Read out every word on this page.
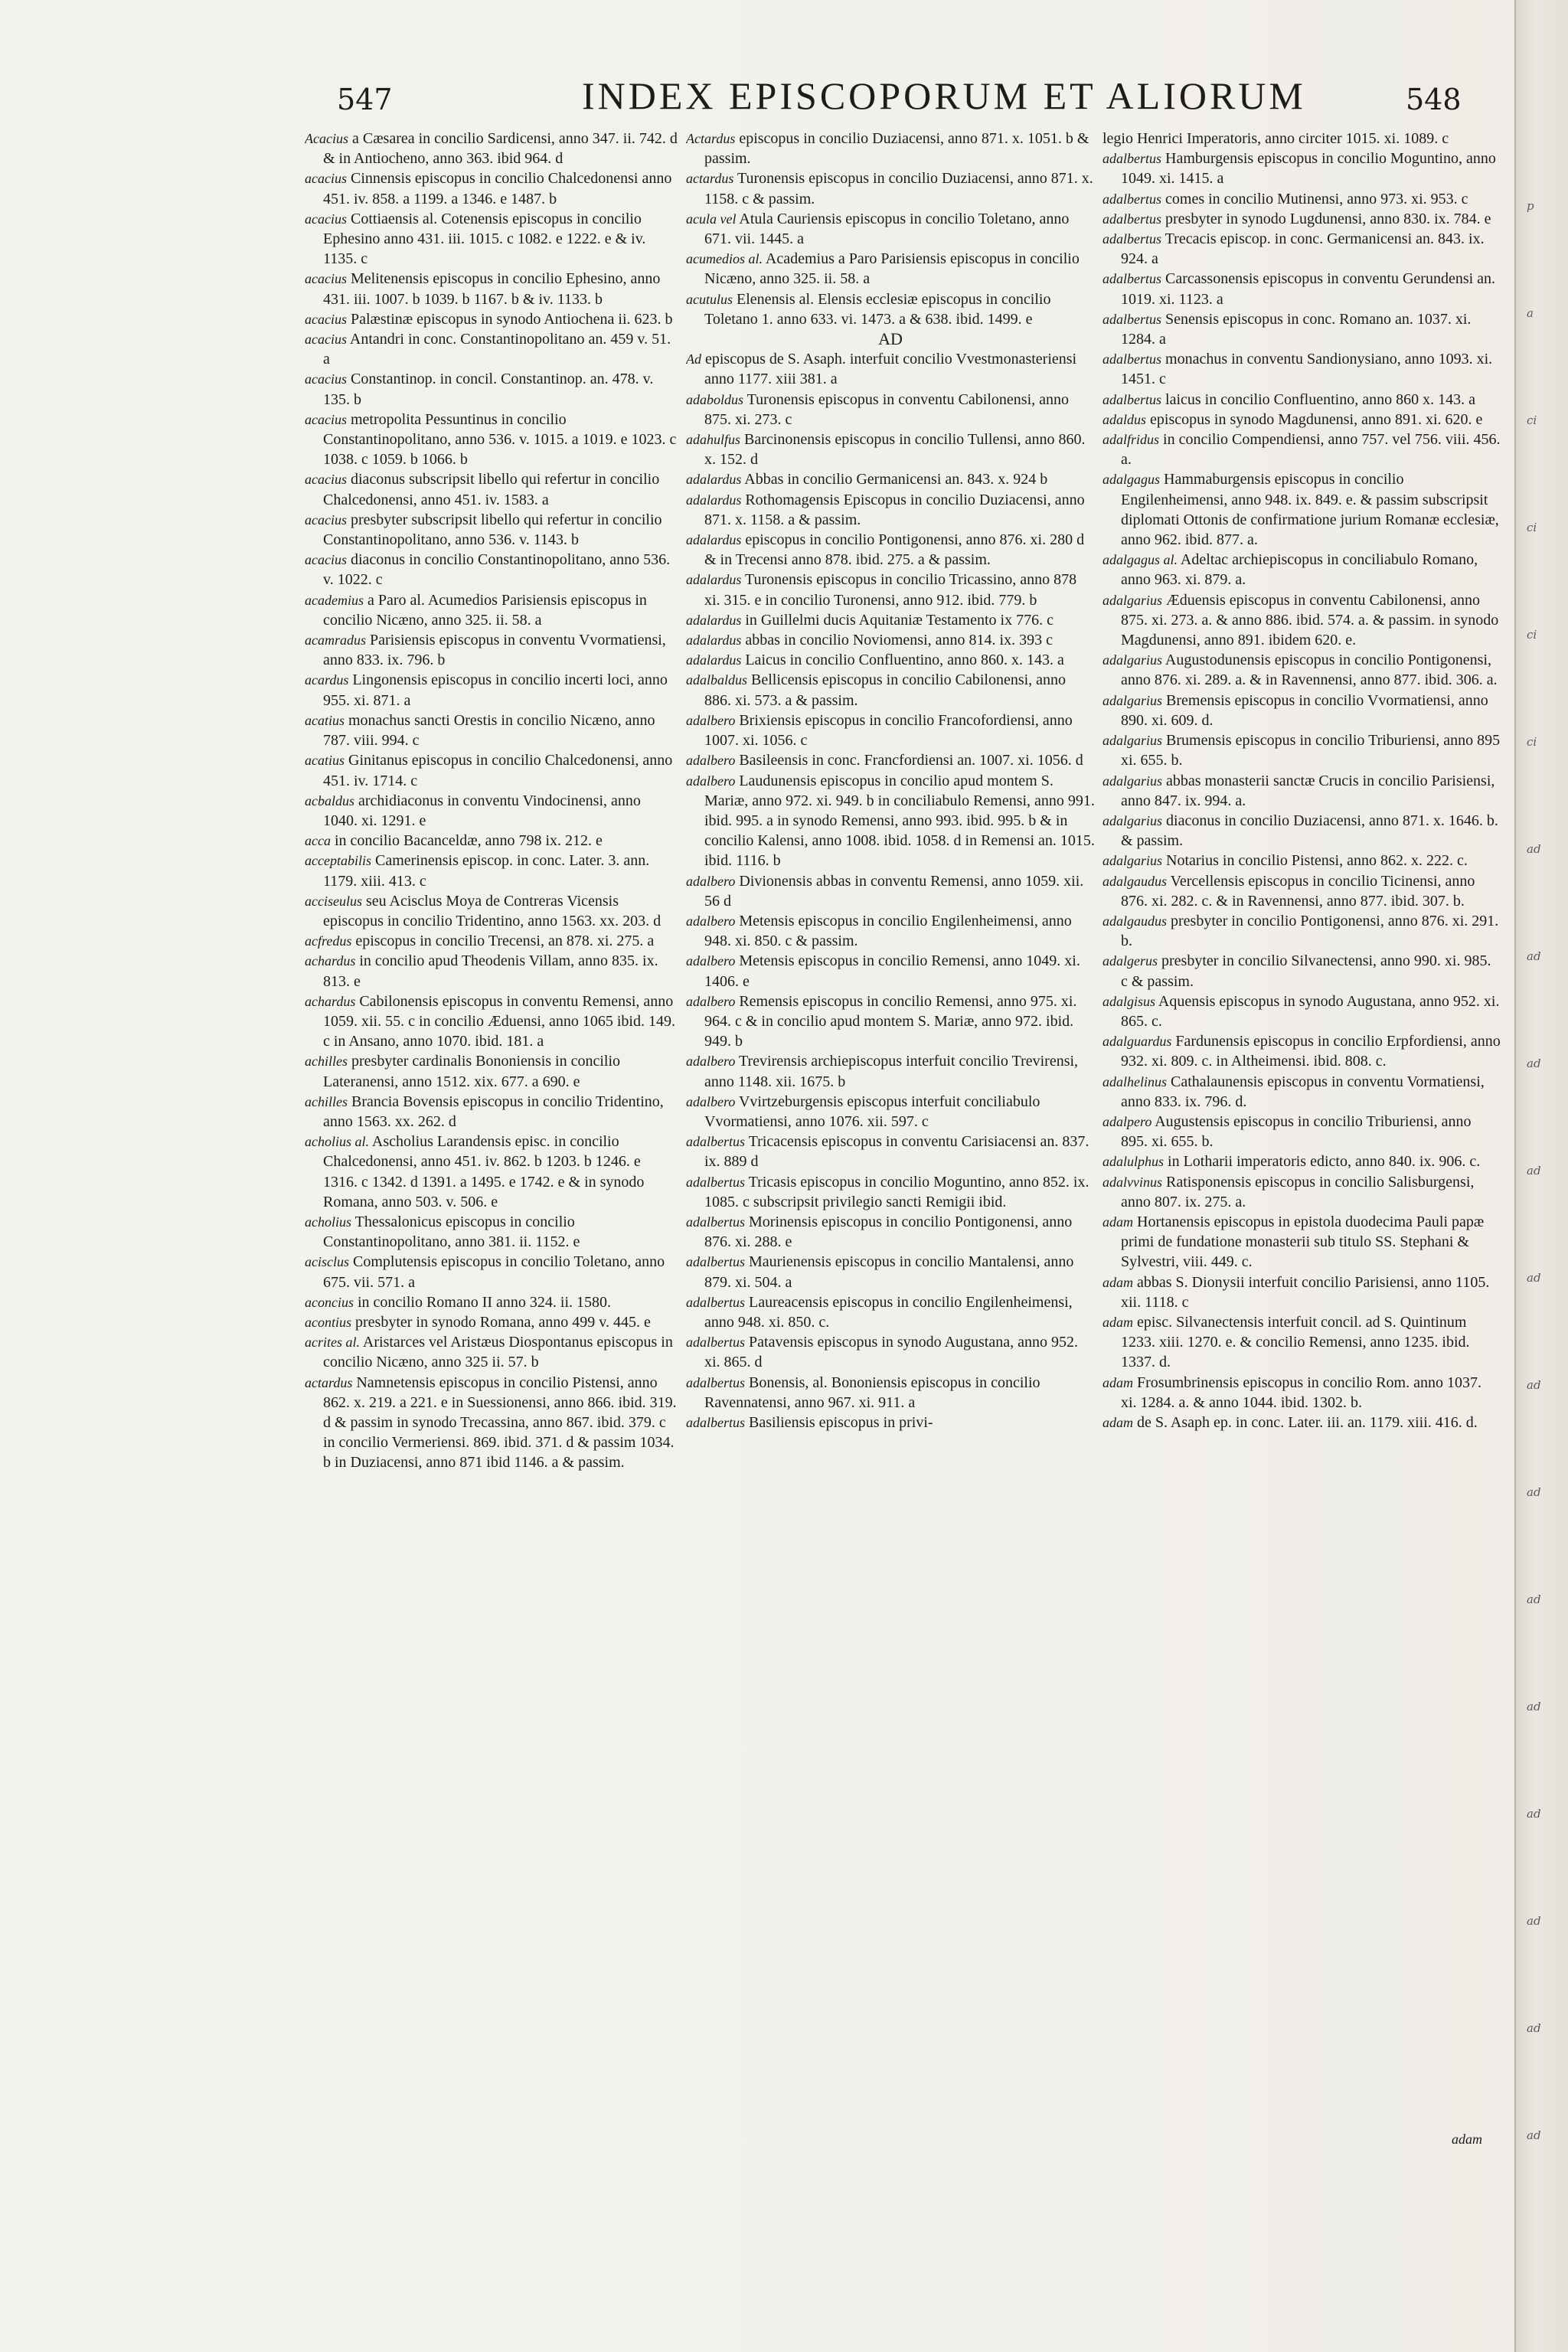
547	INDEX EPISCOPORUM ET ALIORUM	548

Acacius a Cæsarea in concilio Sardicensi, anno 347. ii. 742. d & in Antiocheno, anno 363. ibid 964. d

acacius Cinnensis episcopus in concilio Chalcedonensi anno 451. iv. 858. a 1199. a 1346. e 1487. b

acacius Cottiaensis al. Cotenensis episcopus in concilio Ephesino anno 431. iii. 1015. c 1082. e 1222. e & iv. 1135. c

acacius Melitenensis episcopus in concilio Ephesino, anno 431. iii. 1007. b 1039. b 1167. b & iv. 1133. b

acacius Palæstinæ episcopus in synodo Antiochena ii. 623. b

acacius Antandri in conc. Constantinopolitano an. 459 v. 51. a

acacius Constantinop. in concil. Constantinop. an. 478. v. 135. b

acacius metropolita Pessuntinus in concilio Constantinopolitano, anno 536. v. 1015. a 1019. e 1023. c 1038. c 1059. b 1066. b

acacius diaconus subscripsit libello qui refertur in concilio Chalcedonensi, anno 451. iv. 1583. a

acacius presbyter subscripsit libello qui refertur in concilio Constantinopolitano, anno 536. v. 1143. b

acacius diaconus in concilio Constantinopolitano, anno 536. v. 1022. c

academius a Paro al. Acumedios Parisiensis episcopus in concilio Nicæno, anno 325. ii. 58. a

acamradus Parisiensis episcopus in conventu Vvormatiensi, anno 833. ix. 796. b

acardus Lingonensis episcopus in concilio incerti loci, anno 955. xi. 871. a

acatius monachus sancti Orestis in concilio Nicæno, anno 787. viii. 994. c

acatius Ginitanus episcopus in concilio Chalcedonensi, anno 451. iv. 1714. c

acbaldus archidiaconus in conventu Vindocinensi, anno 1040. xi. 1291. e

acca in concilio Bacanceldæ, anno 798 ix. 212. e

acceptabilis Camerinensis episcop. in conc. Later. 3. ann. 1179. xiii. 413. c

acciseulus seu Acisclus Moya de Contreras Vicensis episcopus in concilio Tridentino, anno 1563. xx. 203. d

acfredus episcopus in concilio Trecensi, an 878. xi. 275. a

achardus in concilio apud Theodenis Villam, anno 835. ix. 813. e

achardus Cabilonensis episcopus in conventu Remensi, anno 1059. xii. 55. c in concilio Æduensi, anno 1065 ibid. 149. c in Ansano, anno 1070. ibid. 181. a

achilles presbyter cardinalis Bononiensis in concilio Lateranensi, anno 1512. xix. 677. a 690. e

achilles Brancia Bovensis episcopus in concilio Tridentino, anno 1563. xx. 262. d

acholius al. Ascholius Larandensis episc. in concilio Chalcedonensi, anno 451. iv. 862. b 1203. b 1246. e 1316. c 1342. d 1391. a 1495. e 1742. e & in synodo Romana, anno 503. v. 506. e

acholius Thessalonicus episcopus in concilio Constantinopolitano, anno 381. ii. 1152. e

acisclus Complutensis episcopus in concilio Toletano, anno 675. vii. 571. a

aconcius in concilio Romano II anno 324. ii. 1580.

acontius presbyter in synodo Romana, anno 499 v. 445. e

acrites al. Aristarces vel Aristæus Diospontanus episcopus in concilio Nicæno, anno 325 ii. 57. b

actardus Namnetensis episcopus in concilio Pistensi, anno 862. x. 219. a 221. e in Suessionensi, anno 866. ibid. 319. d & passim in synodo Trecassina, anno 867. ibid. 379. c in concilio Vermeriensi. 869. ibid. 371. d & passim 1034. b in Duziacensi, anno 871 ibid 1146. a & passim.

Actardus episcopus in concilio Duziacensi, anno 871. x. 1051. b & passim.

actardus Turonensis episcopus in concilio Duziacensi, anno 871. x. 1158. c & passim.

acula vel Atula Cauriensis episcopus in concilio Toletano, anno 671. vii. 1445. a

acumedios al. Academius a Paro Parisiensis episcopus in concilio Nicæno, anno 325. ii. 58. a

acutulus Elenensis al. Elensis ecclesiæ episcopus in concilio Toletano 1. anno 633. vi. 1473. a & 638. ibid. 1499. e

AD

Ad episcopus de S. Asaph. interfuit concilio Vvestmonasteriensi anno 1177. xiii 381. a

adaboldus Turonensis episcopus in conventu Cabilonensi, anno 875. xi. 273. c

adahulfus Barcinonensis episcopus in concilio Tullensi, anno 860. x. 152. d

adalardus Abbas in concilio Germanicensi an. 843. x. 924 b

adalardus Rothomagensis Episcopus in concilio Duziacensi, anno 871. x. 1158. a & passim.

adalardus episcopus in concilio Pontigonensi, anno 876. xi. 280 d & in Trecensi anno 878. ibid. 275. a & passim.

adalardus Turonensis episcopus in concilio Tricassino, anno 878 xi. 315. e in concilio Turonensi, anno 912. ibid. 779. b

adalardus in Guillelmi ducis Aquitaniæ Testamento ix 776. c

adalardus abbas in concilio Noviomensi, anno 814. ix. 393 c

adalardus Laicus in concilio Confluentino, anno 860. x. 143. a

adalbaldus Bellicensis episcopus in concilio Cabilonensi, anno 886. xi. 573. a & passim.

adalbero Brixiensis episcopus in concilio Francofordiensi, anno 1007. xi. 1056. c

adalbero Basileensis in conc. Francfordiensi an. 1007. xi. 1056. d

adalbero Laudunensis episcopus in concilio apud montem S. Mariæ, anno 972. xi. 949. b in conciliabulo Remensi, anno 991. ibid. 995. a in synodo Remensi, anno 993. ibid. 995. b & in concilio Kalensi, anno 1008. ibid. 1058. d in Remensi an. 1015. ibid. 1116. b

adalbero Divionensis abbas in conventu Remensi, anno 1059. xii. 56 d

adalbero Metensis episcopus in concilio Engilenheimensi, anno 948. xi. 850. c & passim.

adalbero Metensis episcopus in concilio Remensi, anno 1049. xi. 1406. e

adalbero Remensis episcopus in concilio Remensi, anno 975. xi. 964. c & in concilio apud montem S. Mariæ, anno 972. ibid. 949. b

adalbero Trevirensis archiepiscopus interfuit concilio Trevirensi, anno 1148. xii. 1675. b

adalbero Vvirtzeburgensis episcopus interfuit conciliabulo Vvormatiensi, anno 1076. xii. 597. c

adalbertus Tricacensis episcopus in conventu Carisiacensi an. 837. ix. 889 d

adalbertus Tricasis episcopus in concilio Moguntino, anno 852. ix. 1085. c subscripsit privilegio sancti Remigii ibid.

adalbertus Morinensis episcopus in concilio Pontigonensi, anno 876. xi. 288. e

adalbertus Maurienensis episcopus in concilio Mantalensi, anno 879. xi. 504. a

adalbertus Laureacensis episcopus in concilio Engilenheimensi, anno 948. xi. 850. c.

adalbertus Patavensis episcopus in synodo Augustana, anno 952. xi. 865. d

adalbertus Bonensis, al. Bononiensis episcopus in concilio Ravennatensi, anno 967. xi. 911. a

adalbertus Basiliensis episcopus in privi-

legio Henrici Imperatoris, anno circiter 1015. xi. 1089. c

adalbertus Hamburgensis episcopus in concilio Moguntino, anno 1049. xi. 1415. a

adalbertus comes in concilio Mutinensi, anno 973. xi. 953. c

adalbertus presbyter in synodo Lugdunensi, anno 830. ix. 784. e

adalbertus Trecacis episcop. in conc. Germanicensi an. 843. ix. 924. a

adalbertus Carcassonensis episcopus in conventu Gerundensi an. 1019. xi. 1123. a

adalbertus Senensis episcopus in conc. Romano an. 1037. xi. 1284. a

adalbertus monachus in conventu Sandionysiano, anno 1093. xi. 1451. c

adalbertus laicus in concilio Confluentino, anno 860 x. 143. a

adaldus episcopus in synodo Magdunensi, anno 891. xi. 620. e

adalfridus in concilio Compendiensi, anno 757. vel 756. viii. 456. a.

adalgagus Hammaburgensis episcopus in concilio Engilenheimensi, anno 948. ix. 849. e. & passim subscripsit diplomati Ottonis de confirmatione jurium Romanæ ecclesiæ, anno 962. ibid. 877. a.

adalgagus al. Adeltac archiepiscopus in conciliabulo Romano, anno 963. xi. 879. a.

adalgarius Æduensis episcopus in conventu Cabilonensi, anno 875. xi. 273. a. & anno 886. ibid. 574. a. & passim. in synodo Magdunensi, anno 891. ibidem 620. e.

adalgarius Augustodunensis episcopus in concilio Pontigonensi, anno 876. xi. 289. a. & in Ravennensi, anno 877. ibid. 306. a.

adalgarius Bremensis episcopus in concilio Vvormatiensi, anno 890. xi. 609. d.

adalgarius Brumensis episcopus in concilio Triburiensi, anno 895 xi. 655. b.

adalgarius abbas monasterii sanctæ Crucis in concilio Parisiensi, anno 847. ix. 994. a.

adalgarius diaconus in concilio Duziacensi, anno 871. x. 1646. b. & passim.

adalgarius Notarius in concilio Pistensi, anno 862. x. 222. c.

adalgaudus Vercellensis episcopus in concilio Ticinensi, anno 876. xi. 282. c. & in Ravennensi, anno 877. ibid. 307. b.

adalgaudus presbyter in concilio Pontigonensi, anno 876. xi. 291. b.

adalgerus presbyter in concilio Silvanectensi, anno 990. xi. 985. c & passim.

adalgisus Aquensis episcopus in synodo Augustana, anno 952. xi. 865. c.

adalguardus Fardunensis episcopus in concilio Erpfordiensi, anno 932. xi. 809. c. in Altheimensi. ibid. 808. c.

adalhelinus Cathalaunensis episcopus in conventu Vormatiensi, anno 833. ix. 796. d.

adalpero Augustensis episcopus in concilio Triburiensi, anno 895. xi. 655. b.

adalulphus in Lotharii imperatoris edicto, anno 840. ix. 906. c.

adalvvinus Ratisponensis episcopus in concilio Salisburgensi, anno 807. ix. 275. a.

adam Hortanensis episcopus in epistola duodecima Pauli papæ primi de fundatione monasterii sub titulo SS. Stephani & Sylvestri, viii. 449. c.

adam abbas S. Dionysii interfuit concilio Parisiensi, anno 1105. xii. 1118. c

adam episc. Silvanectensis interfuit concil. ad S. Quintinum 1233. xiii. 1270. e. & concilio Remensi, anno 1235. ibid. 1337. d.

adam Frosumbrinensis episcopus in concilio Rom. anno 1037. xi. 1284. a. & anno 1044. ibid. 1302. b.

adam de S. Asaph ep. in conc. Later. iii. an. 1179. xiii. 416. d.

adam
p
a
ci
ci
ci
ci
ad
ad
ad
ad
ad
ad
ad
ad
ad
ad
ad
ad
ad
